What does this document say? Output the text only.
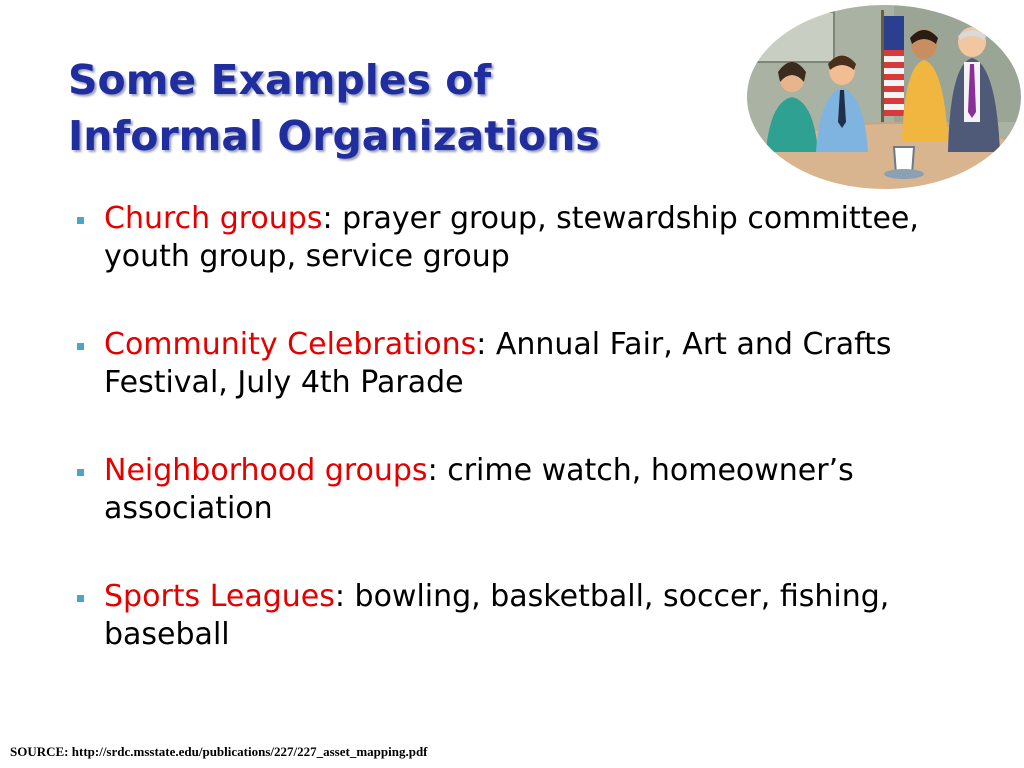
Some Examples of
Informal Organizations
Church groups: prayer group, stewardship committee, youth group, service group
Community Celebrations: Annual Fair, Art and Crafts Festival, July 4th Parade
Neighborhood groups: crime watch, homeowner’s association
Sports Leagues: bowling, basketball, soccer, fishing, baseball
SOURCE: http://srdc.msstate.edu/publications/227/227_asset_mapping.pdf
